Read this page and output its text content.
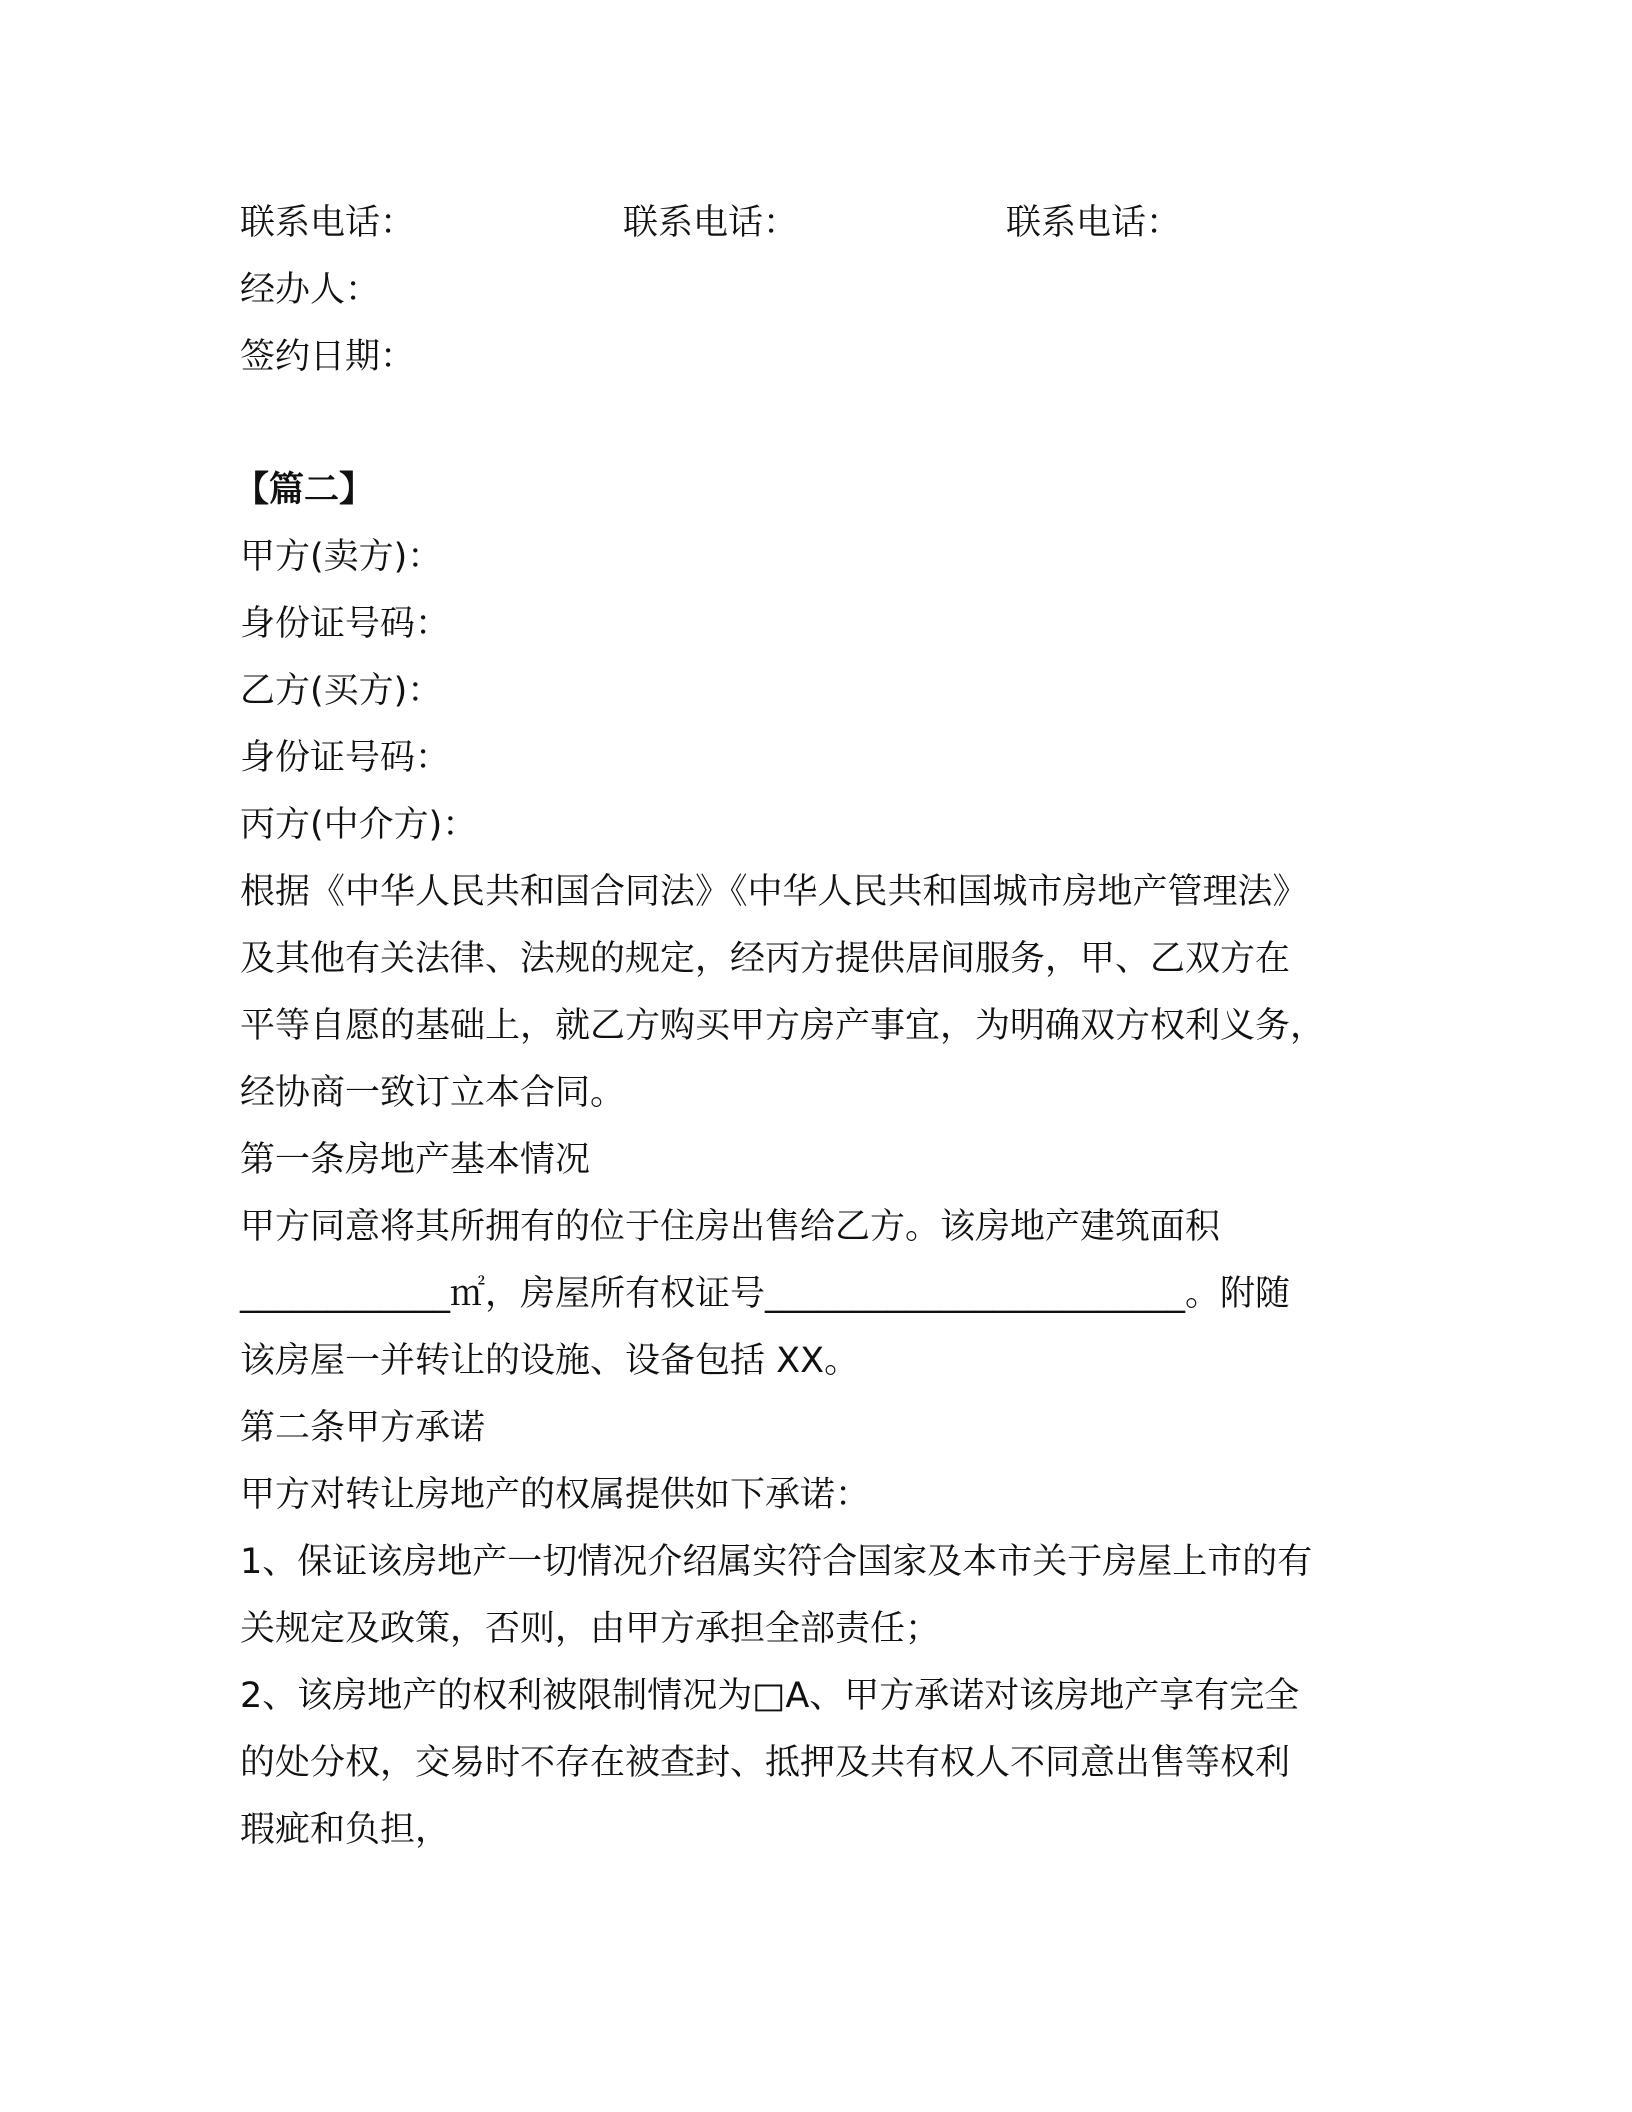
联系电话：	联系电话：	联系电话：
经办人：
签约日期：
【篇二】
甲方(卖方)：
身份证号码：
乙方(买方)：
身份证号码：
丙方(中介方)：
根据《中华人民共和国合同法》《中华人民共和国城市房地产管理法》
及其他有关法律、法规的规定，经丙方提供居间服务，甲、乙双方在
平等自愿的基础上，就乙方购买甲方房产事宜，为明确双方权利义务，
经协商一致订立本合同。
第一条房地产基本情况
甲方同意将其所拥有的位于住房出售给乙方。该房地产建筑面积
____________㎡，房屋所有权证号________________________。附随
该房屋一并转让的设施、设备包括 XX。
第二条甲方承诺
甲方对转让房地产的权属提供如下承诺：
1、保证该房地产一切情况介绍属实符合国家及本市关于房屋上市的有
关规定及政策，否则，由甲方承担全部责任；
2、该房地产的权利被限制情况为□A、甲方承诺对该房地产享有完全
的处分权，交易时不存在被查封、抵押及共有权人不同意出售等权利
瑕疵和负担，
